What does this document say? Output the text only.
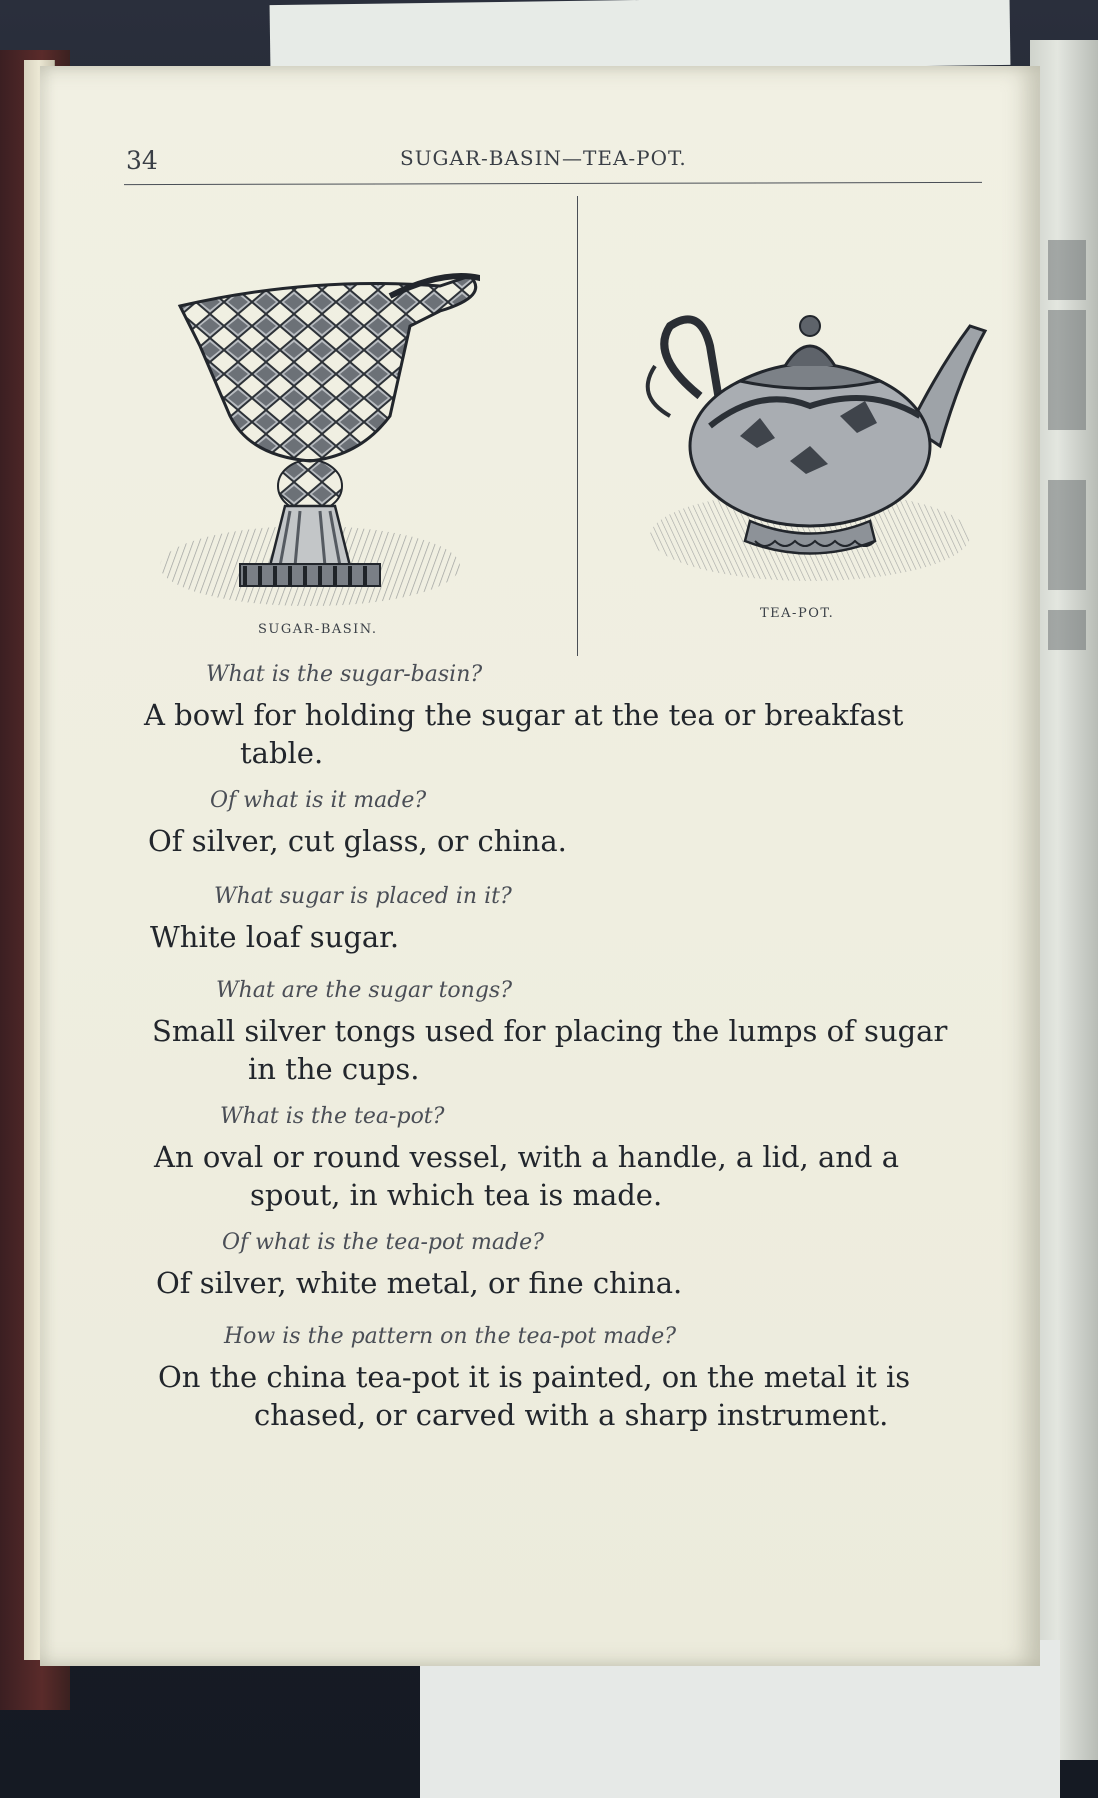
34	SUGAR-BASIN—TEA-POT.
SUGAR-BASIN.
TEA-POT.
What is the sugar-basin?
A bowl for holding the sugar at the tea or breakfast
table.
Of what is it made?
Of silver, cut glass, or china.
What sugar is placed in it?
White loaf sugar.
What are the sugar tongs?
Small silver tongs used for placing the lumps of sugar
in the cups.
What is the tea-pot?
An oval or round vessel, with a handle, a lid, and a
spout, in which tea is made.
Of what is the tea-pot made?
Of silver, white metal, or fine china.
How is the pattern on the tea-pot made?
On the china tea-pot it is painted, on the metal it is
chased, or carved with a sharp instrument.
